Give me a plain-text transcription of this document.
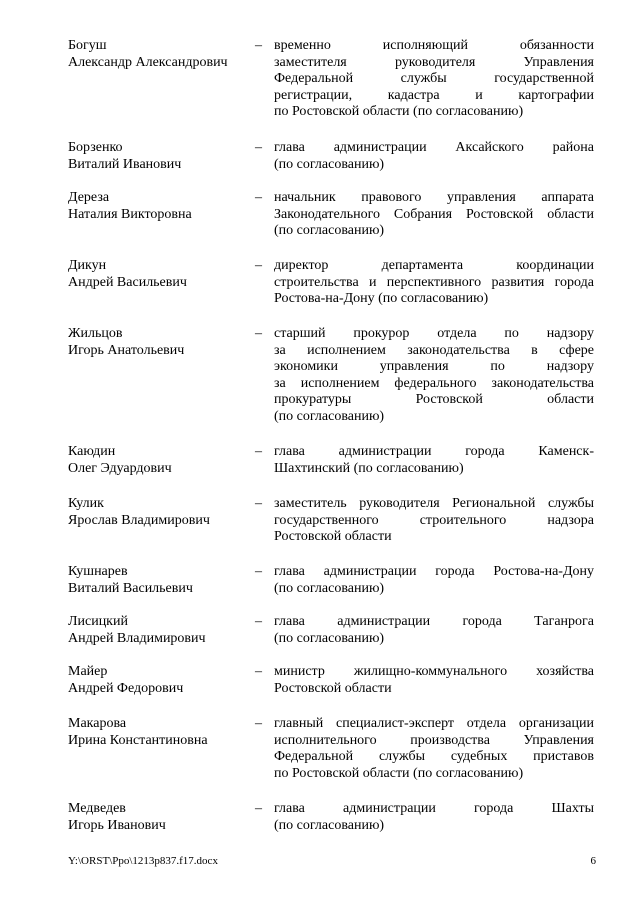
Богуш
Александр Александрович
– временно исполняющий обязанности
заместителя руководителя Управления
Федеральной службы государственной
регистрации, кадастра и картографии
по Ростовской области (по согласованию)
Борзенко
Виталий Иванович
– глава администрации Аксайского района
(по согласованию)
Дереза
Наталия Викторовна
– начальник правового управления аппарата
Законодательного Собрания Ростовской области
(по согласованию)
Дикун
Андрей Васильевич
– директор департамента координации
строительства и перспективного развития города
Ростова-на-Дону (по согласованию)
Жильцов
Игорь Анатольевич
– старший прокурор отдела по надзору
за исполнением законодательства в сфере
экономики управления по надзору
за исполнением федерального законодательства
прокуратуры Ростовской области
(по согласованию)
Каюдин
Олег Эдуардович
– глава администрации города Каменск-
Шахтинский (по согласованию)
Кулик
Ярослав Владимирович
– заместитель руководителя Региональной службы
государственного строительного надзора
Ростовской области
Кушнарев
Виталий Васильевич
– глава администрации города Ростова-на-Дону
(по согласованию)
Лисицкий
Андрей Владимирович
– глава администрации города Таганрога
(по согласованию)
Майер
Андрей Федорович
– министр жилищно-коммунального хозяйства
Ростовской области
Макарова
Ирина Константиновна
– главный специалист-эксперт отдела организации
исполнительного производства Управления
Федеральной службы судебных приставов
по Ростовской области (по согласованию)
Медведев
Игорь Иванович
– глава администрации города Шахты
(по согласованию)
Y:\ORST\Ppo\1213p837.f17.docx	6
